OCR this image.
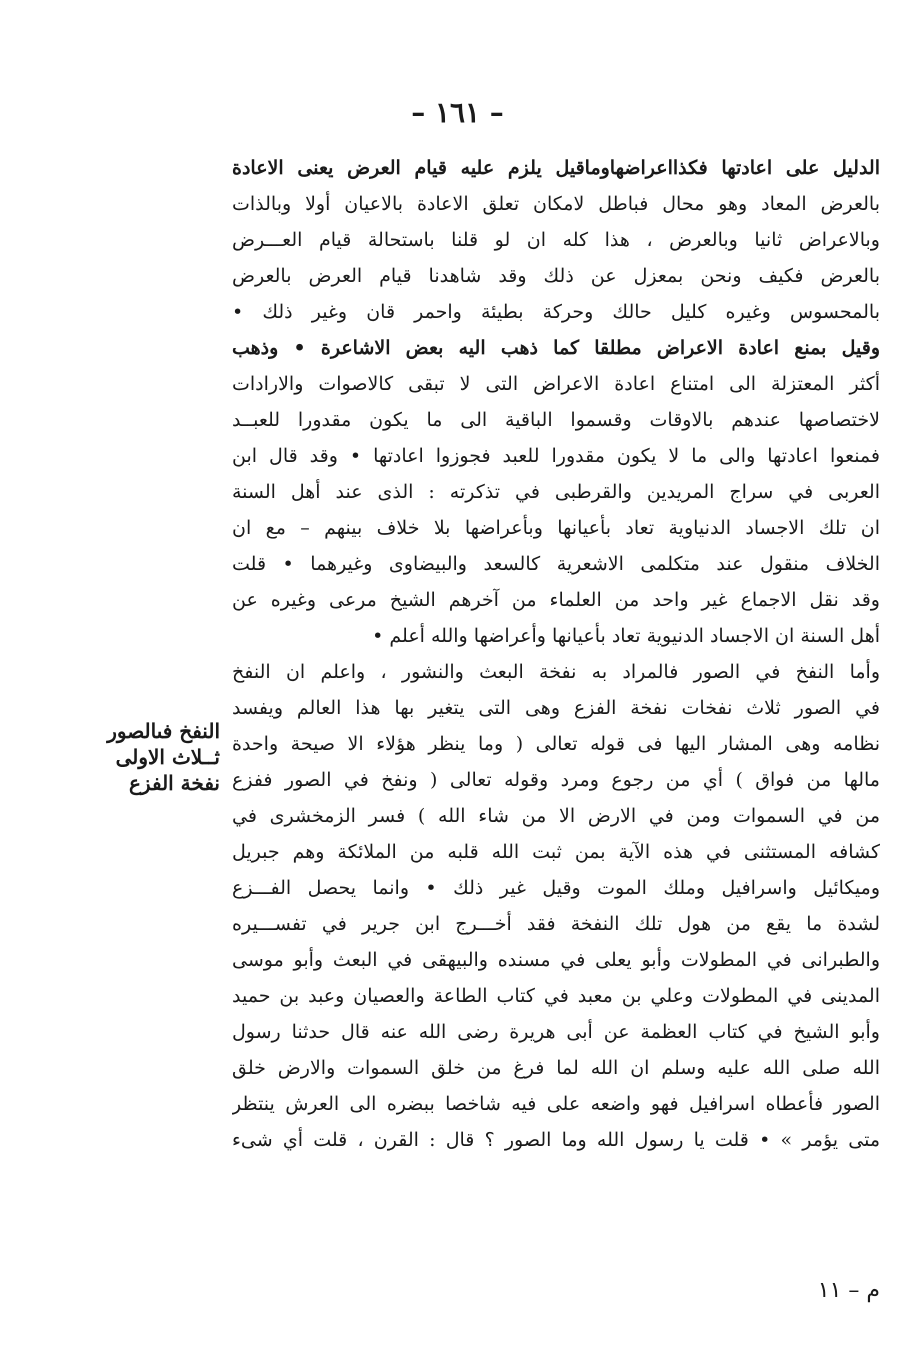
– ١٦١ –
الدليل على اعادتها فكذااعراضهاوماقيل يلزم عليه قيام العرض يعنى الاعادة
بالعرض المعاد وهو محال فباطل لامكان تعلق الاعادة بالاعيان أولا وبالذات
وبالاعراض ثانيا وبالعرض ، هذا كله ان لو قلنا باستحالة قيام العـــرض
بالعرض فكيف ونحن بمعزل عن ذلك وقد شاهدنا قيام العرض بالعرض
بالمحسوس وغيره كليل حالك وحركة بطيئة واحمر قان وغير ذلك •
وقيل بمنع اعادة الاعراض مطلقا كما ذهب اليه بعض الاشاعرة • وذهب
أكثر المعتزلة الى امتناع اعادة الاعراض التى لا تبقى كالاصوات والارادات
لاختصاصها عندهم بالاوقات وقسموا الباقية الى ما يكون مقدورا للعبــد
فمنعوا اعادتها والى ما لا يكون مقدورا للعبد فجوزوا اعادتها • وقد قال ابن
العربى في سراج المريدين والقرطبى في تذكرته : الذى عند أهل السنة
ان تلك الاجساد الدنياوية تعاد بأعيانها وبأعراضها بلا خلاف بينهم – مع ان
الخلاف منقول عند متكلمى الاشعرية كالسعد والبيضاوى وغيرهما • قلت
وقد نقل الاجماع غير واحد من العلماء من آخرهم الشيخ مرعى وغيره عن
أهل السنة ان الاجساد الدنيوية تعاد بأعيانها وأعراضها والله أعلم •
وأما النفخ في الصور فالمراد به نفخة البعث والنشور ، واعلم ان النفخ
في الصور ثلاث نفخات نفخة الفزع وهى التى يتغير بها هذا العالم ويفسد
نظامه وهى المشار اليها فى قوله تعالى ( وما ينظر هؤلاء الا صيحة واحدة
مالها من فواق ) أي من رجوع ومرد وقوله تعالى ( ونفخ في الصور ففزع
من في السموات ومن في الارض الا من شاء الله ) فسر الزمخشرى في
كشافه المستثنى في هذه الآية بمن ثبت الله قلبه من الملائكة وهم جبريل
وميكائيل واسرافيل وملك الموت وقيل غير ذلك • وانما يحصل الفـــزع
لشدة ما يقع من هول تلك النفخة فقد أخـــرج ابن جرير في تفســـيره
والطبرانى في المطولات وأبو يعلى في مسنده والبيهقى في البعث وأبو موسى
المدينى في المطولات وعلي بن معبد في كتاب الطاعة والعصيان وعبد بن حميد
وأبو الشيخ في كتاب العظمة عن أبى هريرة رضى الله عنه قال حدثنا رسول
الله صلى الله عليه وسلم ان الله لما فرغ من خلق السموات والارض خلق
الصور فأعطاه اسرافيل فهو واضعه على فيه شاخصا ببضره الى العرش ينتظر
متى يؤمر » • قلت يا رسول الله وما الصور ؟ قال : القرن ، قلت أي شىء
النفخ فىالصور
ثــلاث الاولى
نفخة الفزع
م – ١١
